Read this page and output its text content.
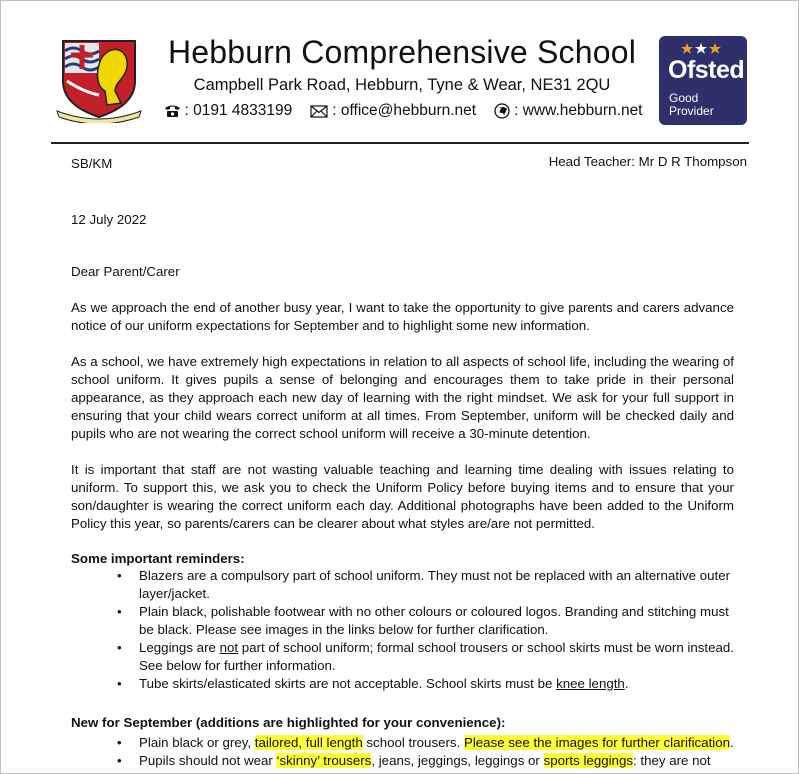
Hebburn Comprehensive School
Campbell Park Road, Hebburn, Tyne & Wear, NE31 2QU
: 0191 4833199	: office@hebburn.net : www.hebburn.net
Ofsted
Good
Provider
SB/KM	Head Teacher: Mr D R Thompson
12 July 2022
Dear Parent/Carer

As we approach the end of another busy year, I want to take the opportunity to give parents and carers advance notice of our uniform expectations for September and to highlight some new information.

As a school, we have extremely high expectations in relation to all aspects of school life, including the wearing of school uniform. It gives pupils a sense of belonging and encourages them to take pride in their personal appearance, as they approach each new day of learning with the right mindset. We ask for your full support in ensuring that your child wears correct uniform at all times. From September, uniform will be checked daily and pupils who are not wearing the correct school uniform will receive a 30-minute detention.

It is important that staff are not wasting valuable teaching and learning time dealing with issues relating to uniform. To support this, we ask you to check the Uniform Policy before buying items and to ensure that your son/daughter is wearing the correct uniform each day. Additional photographs have been added to the Uniform Policy this year, so parents/carers can be clearer about what styles are/are not permitted.

Some important reminders:
• Blazers are a compulsory part of school uniform. They must not be replaced with an alternative outer layer/jacket.
• Plain black, polishable footwear with no other colours or coloured logos. Branding and stitching must be black. Please see images in the links below for further clarification.
• Leggings are not part of school uniform; formal school trousers or school skirts must be worn instead. See below for further information.
• Tube skirts/elasticated skirts are not acceptable. School skirts must be knee length.
New for September (additions are highlighted for your convenience):
• Plain black or grey, tailored, full length school trousers. Please see the images for further clarification.
• Pupils should not wear ‘skinny’ trousers, jeans, jeggings, leggings or sports leggings: they are not
